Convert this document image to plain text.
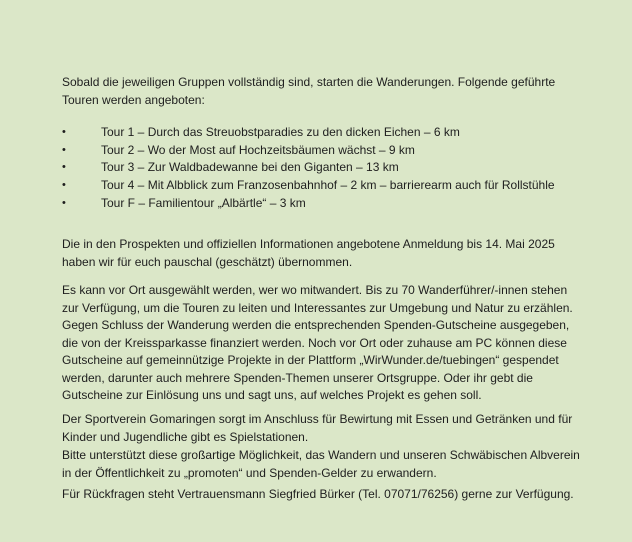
Sobald die jeweiligen Gruppen vollständig sind, starten die Wanderungen. Folgende geführte Touren werden angeboten:

•	Tour 1 – Durch das Streuobstparadies zu den dicken Eichen – 6 km
•	Tour 2 – Wo der Most auf Hochzeitsbäumen wächst – 9 km
•	Tour 3 – Zur Waldbadewanne bei den Giganten – 13 km
•	Tour 4 – Mit Albblick zum Franzosenbahnhof – 2 km – barrierearm auch für Rollstühle
•	Tour F – Familientour „Albärtle“ – 3 km

Die in den Prospekten und offiziellen Informationen angebotene Anmeldung bis 14. Mai 2025 haben wir für euch pauschal (geschätzt) übernommen.

Es kann vor Ort ausgewählt werden, wer wo mitwandert. Bis zu 70 Wanderführer/-innen stehen zur Verfügung, um die Touren zu leiten und Interessantes zur Umgebung und Natur zu erzählen. Gegen Schluss der Wanderung werden die entsprechenden Spenden-Gutscheine ausgegeben, die von der Kreissparkasse finanziert werden. Noch vor Ort oder zuhause am PC können diese Gutscheine auf gemeinnützige Projekte in der Plattform „WirWunder.de/tuebingen“ gespendet werden, darunter auch mehrere Spenden-Themen unserer Ortsgruppe. Oder ihr gebt die Gutscheine zur Einlösung uns und sagt uns, auf welches Projekt es gehen soll.

Der Sportverein Gomaringen sorgt im Anschluss für Bewirtung mit Essen und Getränken und für Kinder und Jugendliche gibt es Spielstationen.

Bitte unterstützt diese großartige Möglichkeit, das Wandern und unseren Schwäbischen Albverein in der Öffentlichkeit zu „promoten“ und Spenden-Gelder zu erwandern.

Für Rückfragen steht Vertrauensmann Siegfried Bürker (Tel. 07071/76256) gerne zur Verfügung.
